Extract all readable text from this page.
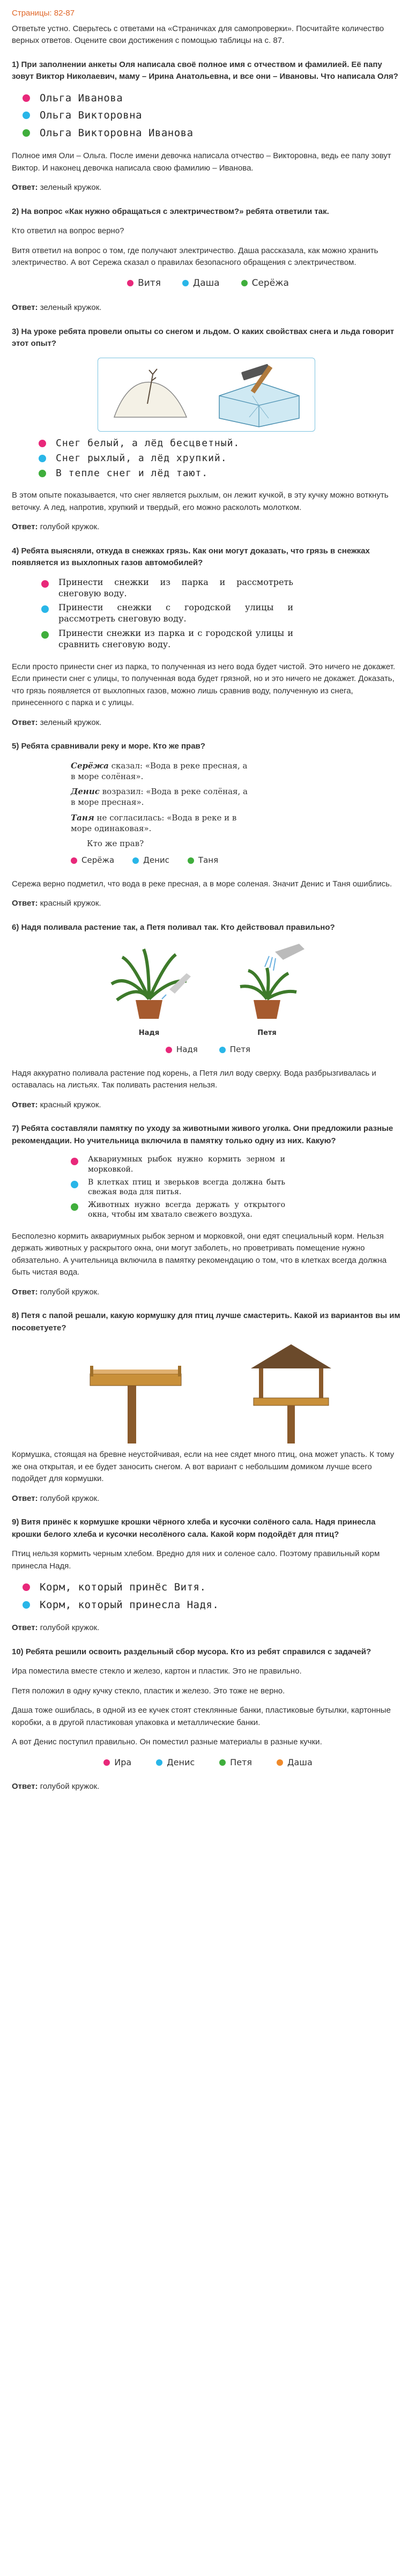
Страницы: 82-87

Ответьте устно. Сверьтесь с ответами на «Страничках для самопроверки». Посчитайте количество верных ответов. Оцените свои достижения с помощью таблицы на с. 87.

1) При заполнении анкеты Оля написала своё полное имя с отчеством и фамилией. Её папу зовут Виктор Николаевич, маму – Ирина Анатольевна, и все они – Ивановы. Что написала Оля?
Ольга Иванова
Ольга Викторовна
Ольга Викторовна Иванова

Полное имя Оли – Ольга. После имени девочка написала отчество – Викторовна, ведь ее папу зовут Виктор. И наконец девочка написала свою фамилию – Иванова.

Ответ: зеленый кружок.
2) На вопрос «Как нужно обращаться с электричеством?» ребята ответили так.

Кто ответил на вопрос верно?

Витя ответил на вопрос о том, где получают электричество. Даша рассказала, как можно хранить электричество. А вот Сережа сказал о правилах безопасного обращения с электричеством.

Витя	Даша	Серёжа
Ответ: зеленый кружок.
3) На уроке ребята провели опыты со снегом и льдом. О каких свойствах снега и льда говорит этот опыт?
Снег белый, а лёд бесцветный.
Снег рыхлый, а лёд хрупкий.
В тепле снег и лёд тают.

В этом опыте показывается, что снег является рыхлым, он лежит кучкой, в эту кучку можно воткнуть веточку. А лед, напротив, хрупкий и твердый, его можно расколоть молотком.

Ответ: голубой кружок.
4) Ребята выясняли, откуда в снежках грязь. Как они могут доказать, что грязь в снежках появляется из выхлопных газов автомобилей?
Принести снежки из парка и рассмотреть снеговую воду.
Принести снежки с городской улицы и рассмотреть снеговую воду.
Принести снежки из парка и с городской улицы и сравнить снеговую воду.

Если просто принести снег из парка, то полученная из него вода будет чистой. Это ничего не докажет. Если принести снег с улицы, то полученная вода будет грязной, но и это ничего не докажет. Доказать, что грязь появляется от выхлопных газов, можно лишь сравнив воду, полученную из снега, принесенного с парка и с улицы.

Ответ: зеленый кружок.
5) Ребята сравнивали реку и море. Кто же прав?
Серёжа сказал: «Вода в реке пресная, а в море солёная».
Денис возразил: «Вода в реке солёная, а в море пресная».
Таня не согласилась: «Вода в реке и в море одинаковая».
Кто же прав?
Серёжа	Денис	Таня

Сережа верно подметил, что вода в реке пресная, а в море соленая. Значит Денис и Таня ошиблись.

Ответ: красный кружок.
6) Надя поливала растение так, а Петя поливал так. Кто действовал правильно?
Надя	Петя
Надя	Петя

Надя аккуратно поливала растение под корень, а Петя лил воду сверху. Вода разбрызгивалась и оставалась на листьях. Так поливать растения нельзя.

Ответ: красный кружок.
7) Ребята составляли памятку по уходу за животными живого уголка. Они предложили разные рекомендации. Но учительница включила в памятку только одну из них. Какую?
Аквариумных рыбок нужно кормить зерном и морковкой.
В клетках птиц и зверьков всегда должна быть свежая вода для питья.
Животных нужно всегда держать у открытого окна, чтобы им хватало свежего воздуха.

Бесполезно кормить аквариумных рыбок зерном и морковкой, они едят специальный корм. Нельзя держать животных у раскрытого окна, они могут заболеть, но проветривать помещение нужно обязательно. А учительница включила в памятку рекомендацию о том, что в клетках всегда должна быть чистая вода.

Ответ: голубой кружок.
8) Петя с папой решали, какую кормушку для птиц лучше смастерить. Какой из вариантов вы им посоветуете?

Кормушка, стоящая на бревне неустойчивая, если на нее сядет много птиц, она может упасть. К тому же она открытая, и ее будет заносить снегом. А вот вариант с небольшим домиком лучше всего подойдет для кормушки.

Ответ: голубой кружок.
9) Витя принёс к кормушке крошки чёрного хлеба и кусочки солёного сала. Надя принесла крошки белого хлеба и кусочки несолёного сала. Какой корм подойдёт для птиц?

Птиц нельзя кормить черным хлебом. Вредно для них и соленое сало. Поэтому правильный корм принесла Надя.

Корм, который принёс Витя.
Корм, который принесла Надя.
Ответ: голубой кружок.
10) Ребята решили освоить раздельный сбор мусора. Кто из ребят справился с задачей?

Ира поместила вместе стекло и железо, картон и пластик. Это не правильно.

Петя положил в одну кучку стекло, пластик и железо. Это тоже не верно.

Даша тоже ошиблась, в одной из ее кучек стоят стеклянные банки, пластиковые бутылки, картонные коробки, а в другой пластиковая упаковка и металлические банки.

А вот Денис поступил правильно. Он поместил разные материалы в разные кучки.

Ира	Денис	Петя	Даша
Ответ: голубой кружок.
